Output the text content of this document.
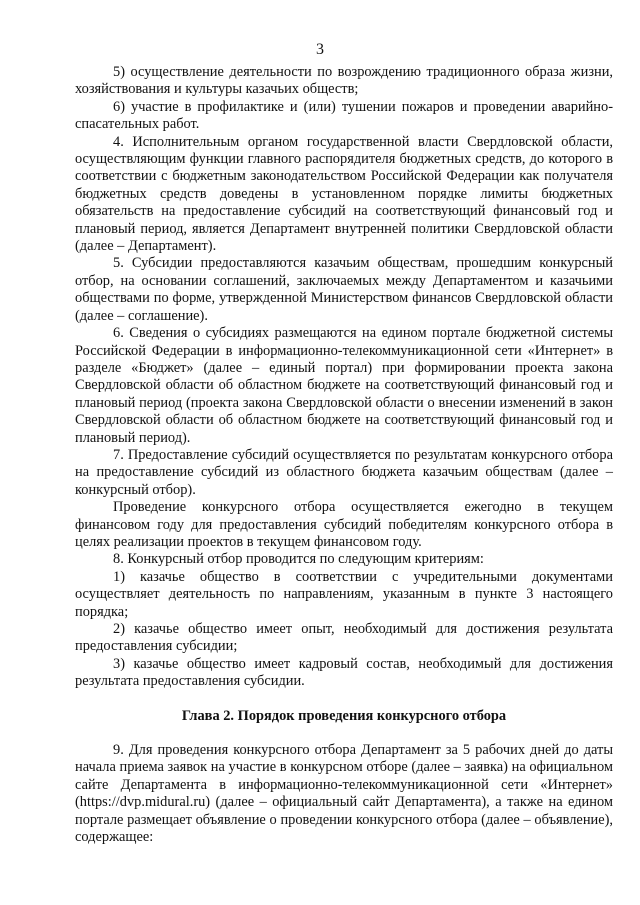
3

5) осуществление деятельности по возрождению традиционного образа жизни, хозяйствования и культуры казачьих обществ;

6) участие в профилактике и (или) тушении пожаров и проведении аварийно-спасательных работ.

4. Исполнительным органом государственной власти Свердловской области, осуществляющим функции главного распорядителя бюджетных средств, до которого в соответствии с бюджетным законодательством Российской Федерации как получателя бюджетных средств доведены в установленном порядке лимиты бюджетных обязательств на предоставление субсидий на соответствующий финансовый год и плановый период, является Департамент внутренней политики Свердловской области (далее – Департамент).

5. Субсидии предоставляются казачьим обществам, прошедшим конкурсный отбор, на основании соглашений, заключаемых между Департаментом и казачьими обществами по форме, утвержденной Министерством финансов Свердловской области (далее – соглашение).

6. Сведения о субсидиях размещаются на едином портале бюджетной системы Российской Федерации в информационно-телекоммуникационной сети «Интернет» в разделе «Бюджет» (далее – единый портал) при формировании проекта закона Свердловской области об областном бюджете на соответствующий финансовый год и плановый период (проекта закона Свердловской области о внесении изменений в закон Свердловской области об областном бюджете на соответствующий финансовый год и плановый период).

7. Предоставление субсидий осуществляется по результатам конкурсного отбора на предоставление субсидий из областного бюджета казачьим обществам (далее – конкурсный отбор).

Проведение конкурсного отбора осуществляется ежегодно в текущем финансовом году для предоставления субсидий победителям конкурсного отбора в целях реализации проектов в текущем финансовом году.

8. Конкурсный отбор проводится по следующим критериям:

1) казачье общество в соответствии с учредительными документами осуществляет деятельность по направлениям, указанным в пункте 3 настоящего порядка;

2) казачье общество имеет опыт, необходимый для достижения результата предоставления субсидии;

3) казачье общество имеет кадровый состав, необходимый для достижения результата предоставления субсидии.

Глава 2. Порядок проведения конкурсного отбора

9. Для проведения конкурсного отбора Департамент за 5 рабочих дней до даты начала приема заявок на участие в конкурсном отборе (далее – заявка) на официальном сайте Департамента в информационно-телекоммуникационной сети «Интернет» (https://dvp.midural.ru) (далее – официальный сайт Департамента), а также на едином портале размещает объявление о проведении конкурсного отбора (далее – объявление), содержащее:
